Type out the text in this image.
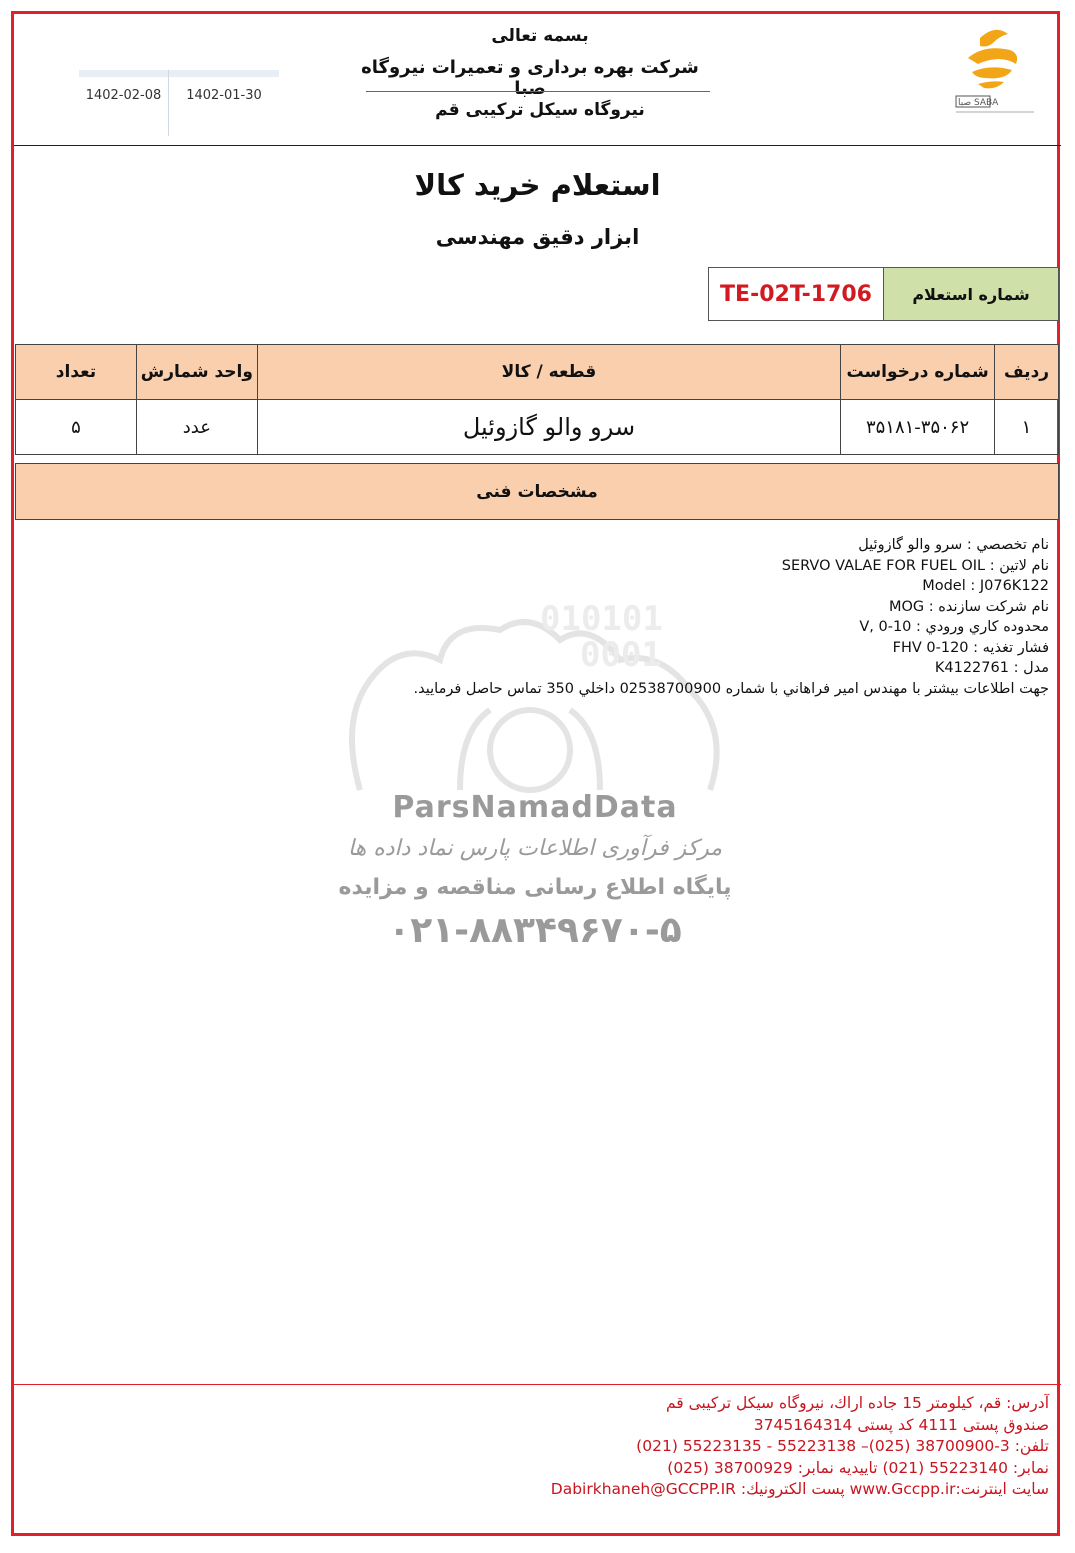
بسمه تعالی
شرکت بهره برداری و تعمیرات نیروگاه صبا
نیروگاه سیکل ترکیبی قم
1402-02-08	1402-01-30	صبا SABA
استعلام خرید کالا
ابزار دقیق مهندسی
شماره استعلام
TE-02T-1706
ردیف	شماره درخواست	قطعه / کالا	واحد شمارش	تعداد
۱	۳۵۱۸۱-۳۵۰۶۲	سرو والو گازوئیل	عدد	۵
مشخصات فنی
010101
0001
ParsNamadData
مرکز فرآوری اطلاعات پارس نماد داده ها
پایگاه اطلاع رسانی مناقصه و مزایده
۰۲۱-۸۸۳۴۹۶۷۰-۵
نام تخصصي : سرو والو گازوئيل
نام لاتين : SERVO VALAE FOR FUEL OIL
Model : J076K122
نام شركت سازنده : MOG
محدوده كاري ورودي : 10-0 ,V
فشار تغذيه : 120-0 FHV
مدل : K4122761
جهت اطلاعات بيشتر با مهندس امير فراهاني با شماره 02538700900 داخلي 350 تماس حاصل فرماييد.
آدرس: قم، كيلومتر 15 جاده اراك، نيروگاه سيكل تركيبی قم
صندوق پستی 4111 كد پستی 3745164314
تلفن: 3-38700900 (025)– 55223138 - 55223135 (021)
نمابر: 55223140 (021) تاییدیه نمابر: 38700929 (025)
سايت اينترنت:www.Gccpp.ir پست الكترونيك: Dabirkhaneh@GCCPP.IR
